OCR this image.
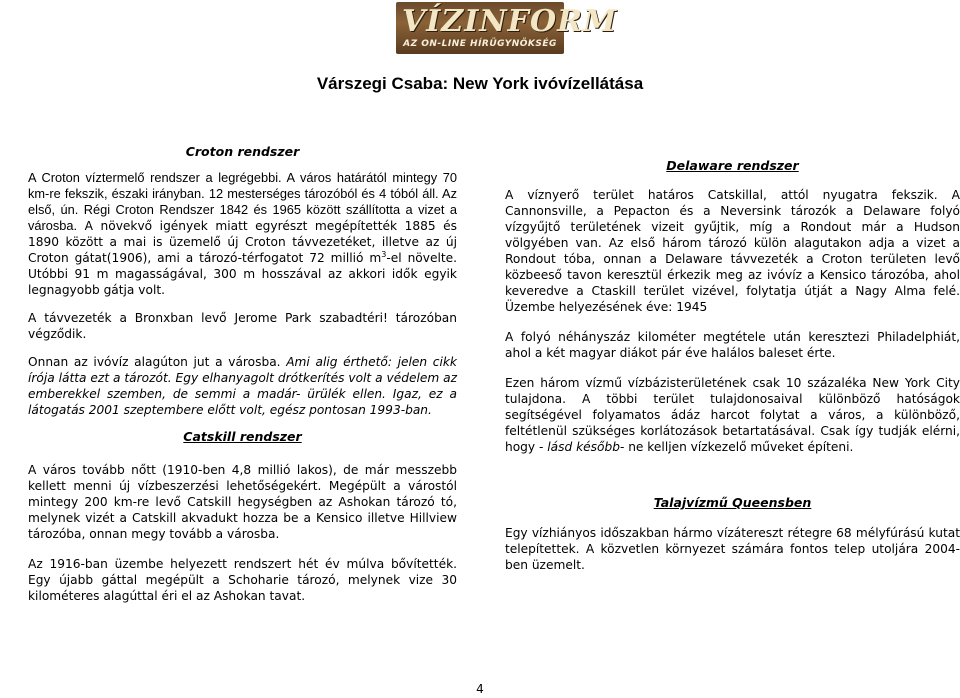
VÍZINFORM
AZ ON-LINE HÍRÜGYNÖKSÉG
Várszegi Csaba: New York ivóvízellátása
Croton rendszer

A Croton víztermelő rendszer a legrégebbi. A város határától mintegy 70 km-re fekszik, északi irányban. 12 mesterséges tározóból és 4 tóból áll. Az első, ún. Régi Croton Rendszer 1842 és 1965 között szállította a vizet a városba. A növekvő igények miatt egyrészt megépítették 1885 és 1890 között a mai is üzemelő új Croton távvezetéket, illetve az új Croton gátat(1906), ami a tározó-térfogatot 72 millió $m^3-el$ növelte. Utóbbi 91 m magasságával, 300 m hosszával az akkori idők egyik legnagyobb gátja volt.

A távvezeték a Bronxban levő Jerome Park szabadtéri! tározóban végződik.

Onnan az ivóvíz alagúton jut a városba. Ami alig érthető: jelen cikk írója látta ezt a tározót. Egy elhanyagolt drótkerítés volt a védelem az emberekkel szemben, de semmi a madár- ürülék ellen. Igaz, ez a látogatás 2001 szeptembere előtt volt, egész pontosan 1993-ban.

Catskill rendszer

A város tovább nőtt (1910-ben 4,8 millió lakos), de már messzebb kellett menni új vízbeszerzési lehetőségekért. Megépült a várostól mintegy 200 km-re levő Catskill hegységben az Ashokan tározó tó, melynek vizét a Catskill akvadukt hozza be a Kensico illetve Hillview tározóba, onnan megy tovább a városba.

Az 1916-ban üzembe helyezett rendszert hét év múlva bővítették. Egy újabb gáttal megépült a Schoharie tározó, melynek vize 30 kilométeres alagúttal éri el az Ashokan tavat.

Delaware rendszer

A víznyerő terület határos Catskillal, attól nyugatra fekszik. A Cannonsville, a Pepacton és a Neversink tározók a Delaware folyó vízgyűjtő területének vizeit gyűjtik, míg a Rondout már a Hudson völgyében van. Az első három tározó külön alagutakon adja a vizet a Rondout tóba, onnan a Delaware távvezeték a Croton területen levő közbeeső tavon keresztül érkezik meg az ivóvíz a Kensico tározóba, ahol keveredve a Ctaskill terület vizével, folytatja útját a Nagy Alma felé. Üzembe helyezésének éve: 1945

A folyó néhányszáz kilométer megtétele után keresztezi Philadelphiát, ahol a két magyar diákot pár éve halálos baleset érte.

Ezen három vízmű vízbázisterületének csak 10 százaléka New York City tulajdona. A többi terület tulajdonosaival különböző hatóságok segítségével folyamatos ádáz harcot folytat a város, a különböző, feltétlenül szükséges korlátozások betartatásával. Csak így tudják elérni, hogy - lásd később- ne kelljen vízkezelő műveket építeni.

Talajvízmű Queensben

Egy vízhiányos időszakban hármo vízátereszt rétegre 68 mélyfúrású kutat telepítettek. A közvetlen környezet számára fontos telep utoljára 2004-ben üzemelt.

4
